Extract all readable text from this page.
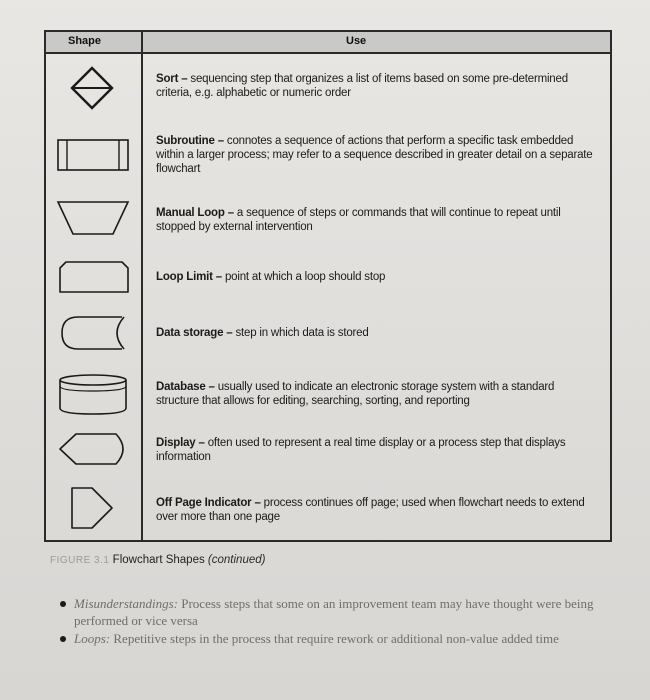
Shape	Use
Sort – sequencing step that organizes a list of items based on some pre-determined criteria, e.g. alphabetic or numeric order
Subroutine – connotes a sequence of actions that perform a specific task embedded within a larger process; may refer to a sequence described in greater detail on a separate flowchart
Manual Loop – a sequence of steps or commands that will continue to repeat until stopped by external intervention
Loop Limit – point at which a loop should stop
Data storage – step in which data is stored
Database – usually used to indicate an electronic storage system with a standard structure that allows for editing, searching, sorting, and reporting
Display – often used to represent a real time display or a process step that displays information
Off Page Indicator – process continues off page; used when flowchart needs to extend over more than one page
FIGURE 3.1 Flowchart Shapes (continued)
Misunderstandings: Process steps that some on an improvement team may have thought were being performed or vice versa
Loops: Repetitive steps in the process that require rework or additional non-value added time
